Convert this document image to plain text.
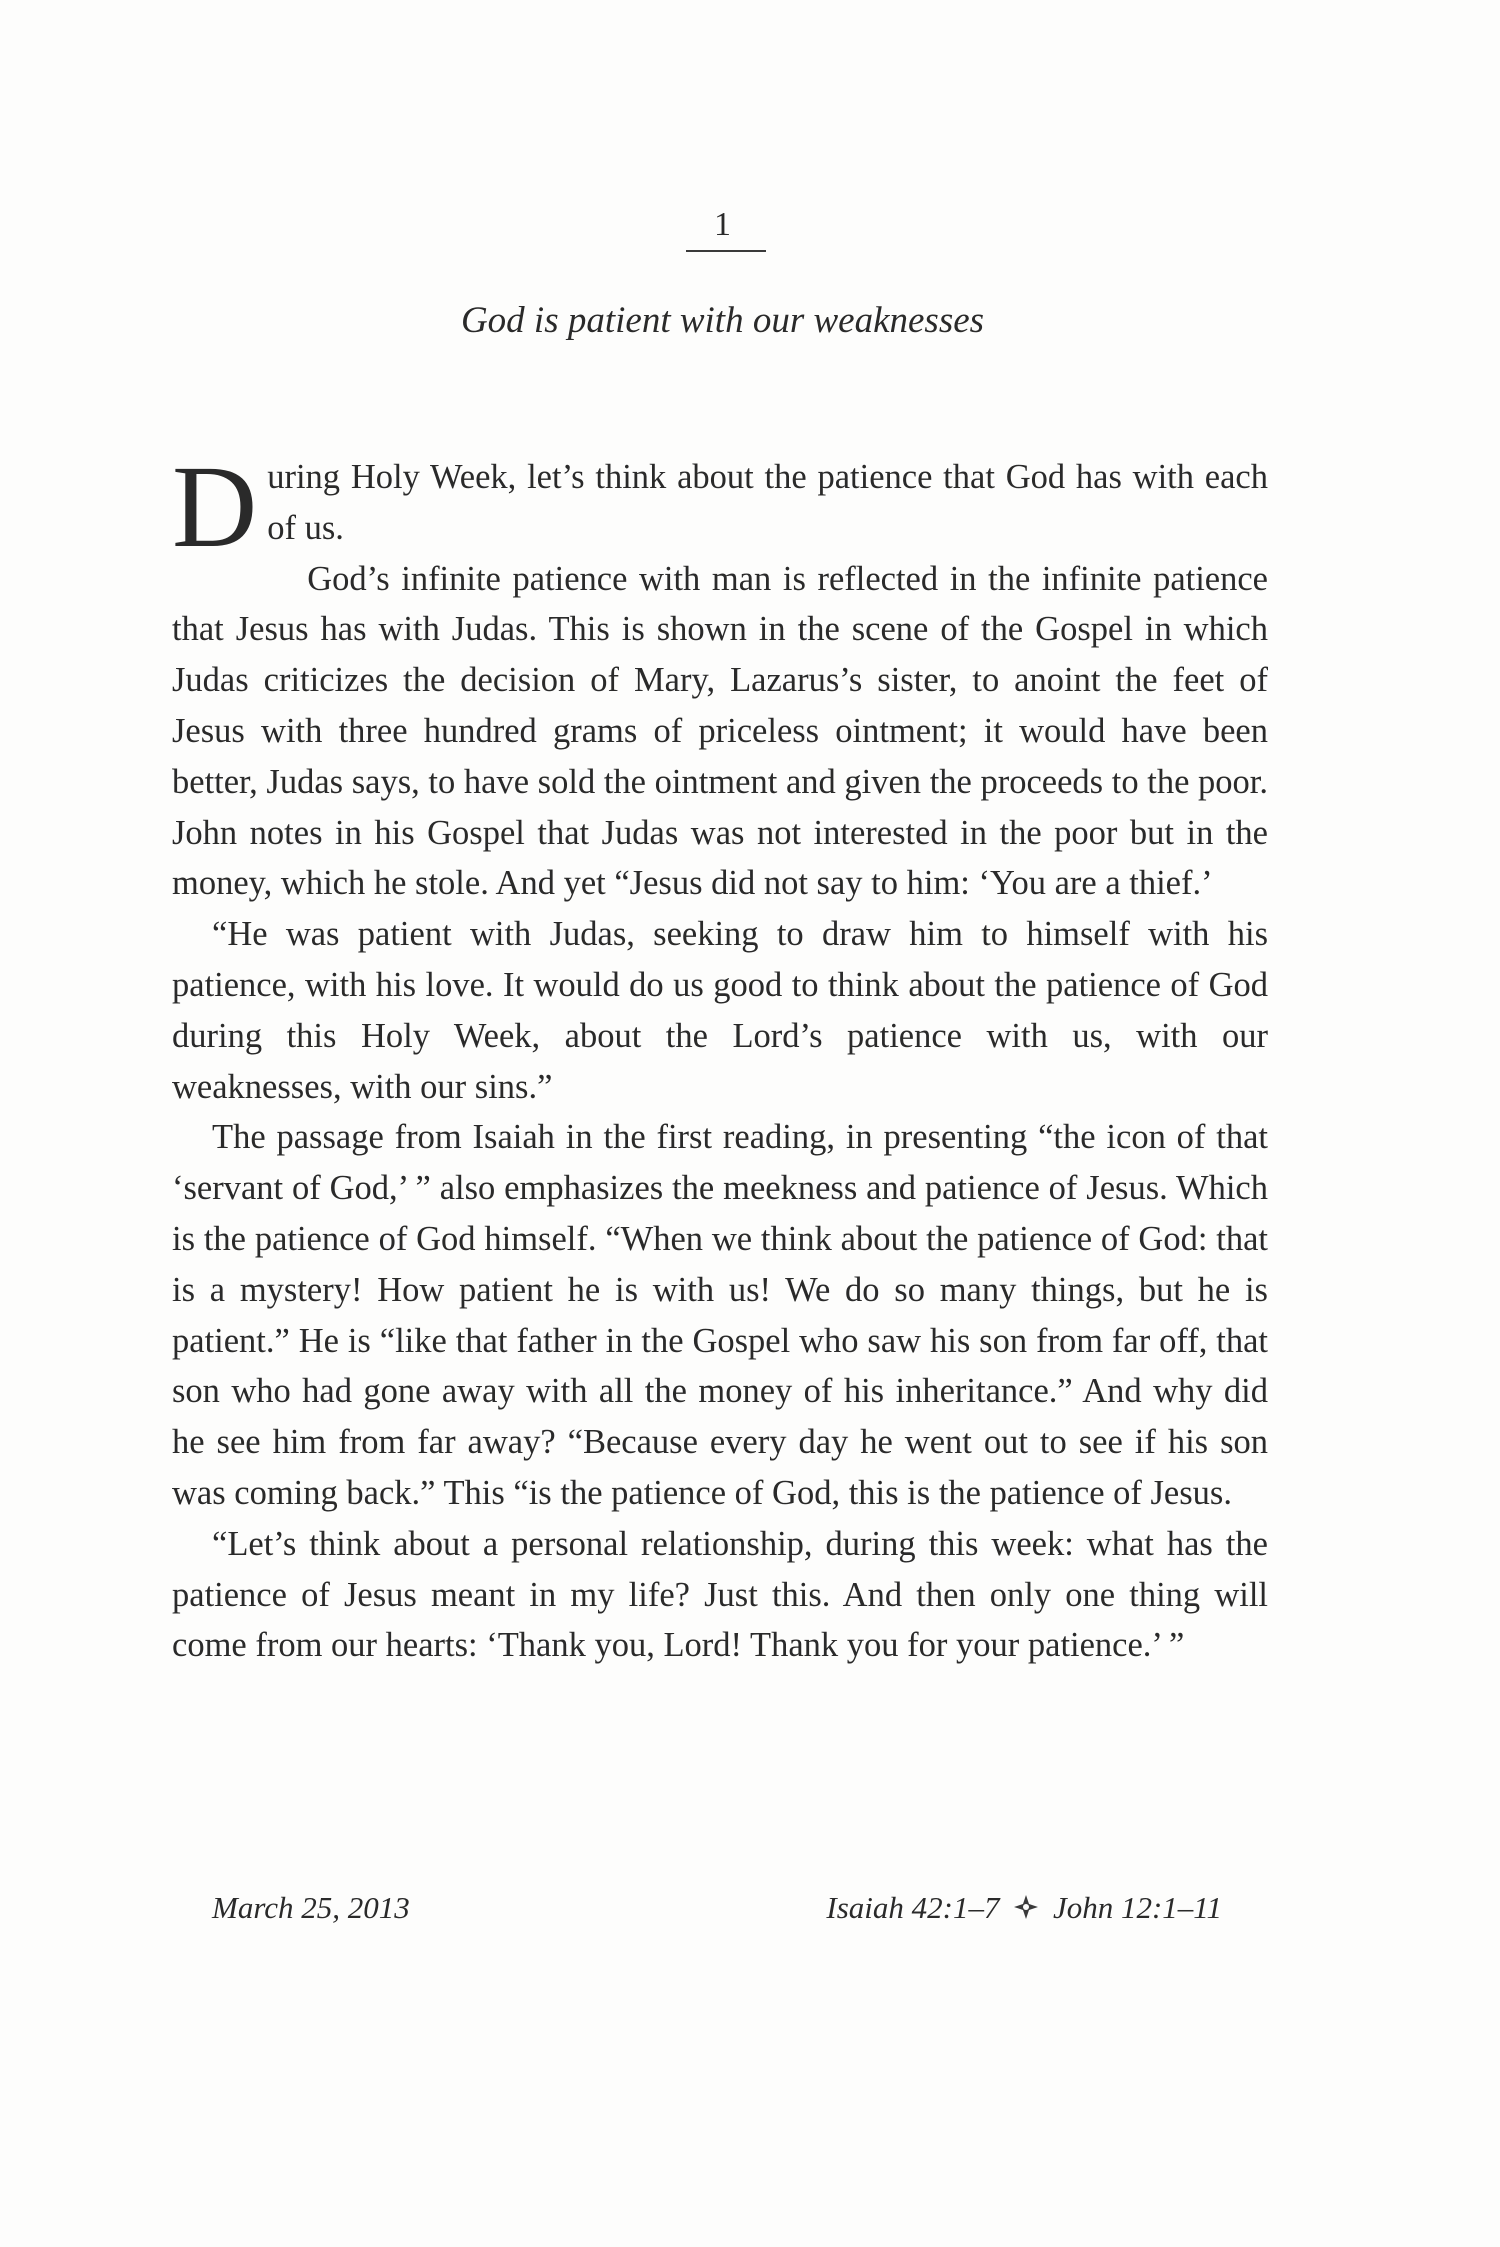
1
God is patient with our weaknesses

During Holy Week, let’s think about the patience that God has with each of us.

God’s infinite patience with man is reflected in the infinite patience that Jesus has with Judas. This is shown in the scene of the Gospel in which Judas criticizes the decision of Mary, Lazarus’s sister, to anoint the feet of Jesus with three hundred grams of priceless ointment; it would have been better, Judas says, to have sold the ointment and given the proceeds to the poor. John notes in his Gospel that Judas was not interested in the poor but in the money, which he stole. And yet “Jesus did not say to him: ‘You are a thief.’

“He was patient with Judas, seeking to draw him to himself with his patience, with his love. It would do us good to think about the patience of God during this Holy Week, about the Lord’s patience with us, with our weaknesses, with our sins.”

The passage from Isaiah in the first reading, in presenting “the icon of that ‘servant of God,’ ” also emphasizes the meekness and patience of Jesus. Which is the patience of God himself. “When we think about the patience of God: that is a mystery! How patient he is with us! We do so many things, but he is patient.” He is “like that father in the Gospel who saw his son from far off, that son who had gone away with all the money of his inheritance.” And why did he see him from far away? “Because every day he went out to see if his son was coming back.” This “is the patience of God, this is the patience of Jesus.

“Let’s think about a personal relationship, during this week: what has the patience of Jesus meant in my life? Just this. And then only one thing will come from our hearts: ‘Thank you, Lord! Thank you for your patience.’ ”

March 25, 2013	Isaiah 42:1–7 John 12:1–11
